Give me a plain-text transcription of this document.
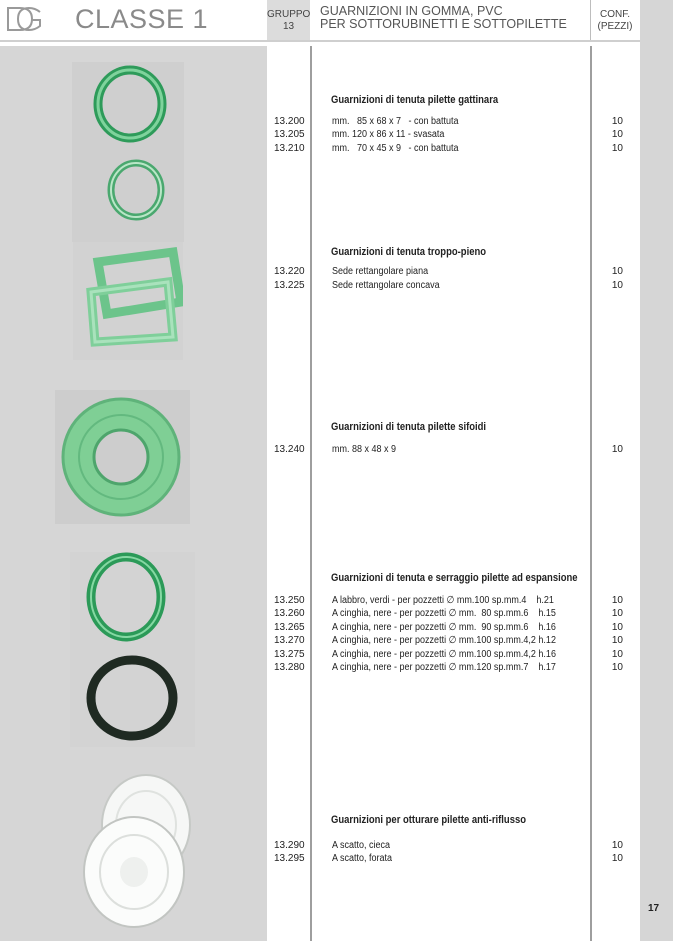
CLASSE 1	GRUPPO
13
GUARNIZIONI IN GOMMA, PVC
PER SOTTORUBINETTI E SOTTOPILETTE
CONF.
(PEZZI)
Guarnizioni di tenuta pilette gattinara
13.200	mm.   85 x 68 x 7   - con battuta	10
13.205	mm. 120 x 86 x 11 - svasata	10
13.210	mm.   70 x 45 x 9   - con battuta	10
Guarnizioni di tenuta troppo-pieno
13.220	Sede rettangolare piana	10
13.225	Sede rettangolare concava	10
Guarnizioni di tenuta pilette sifoidi
13.240	mm. 88 x 48 x 9	10
Guarnizioni di tenuta e serraggio pilette ad espansione
13.250	A labbro, verdi - per pozzetti ∅ mm.100 sp.mm.4    h.21	10
13.260	A cinghia, nere - per pozzetti ∅ mm.  80 sp.mm.6    h.15	10
13.265	A cinghia, nere - per pozzetti ∅ mm.  90 sp.mm.6    h.16	10
13.270	A cinghia, nere - per pozzetti ∅ mm.100 sp.mm.4,2 h.12	10
13.275	A cinghia, nere - per pozzetti ∅ mm.100 sp.mm.4,2 h.16	10
13.280	A cinghia, nere - per pozzetti ∅ mm.120 sp.mm.7    h.17	10
Guarnizioni per otturare pilette anti-riflusso
13.290	A scatto, cieca	10
13.295	A scatto, forata	10
17
